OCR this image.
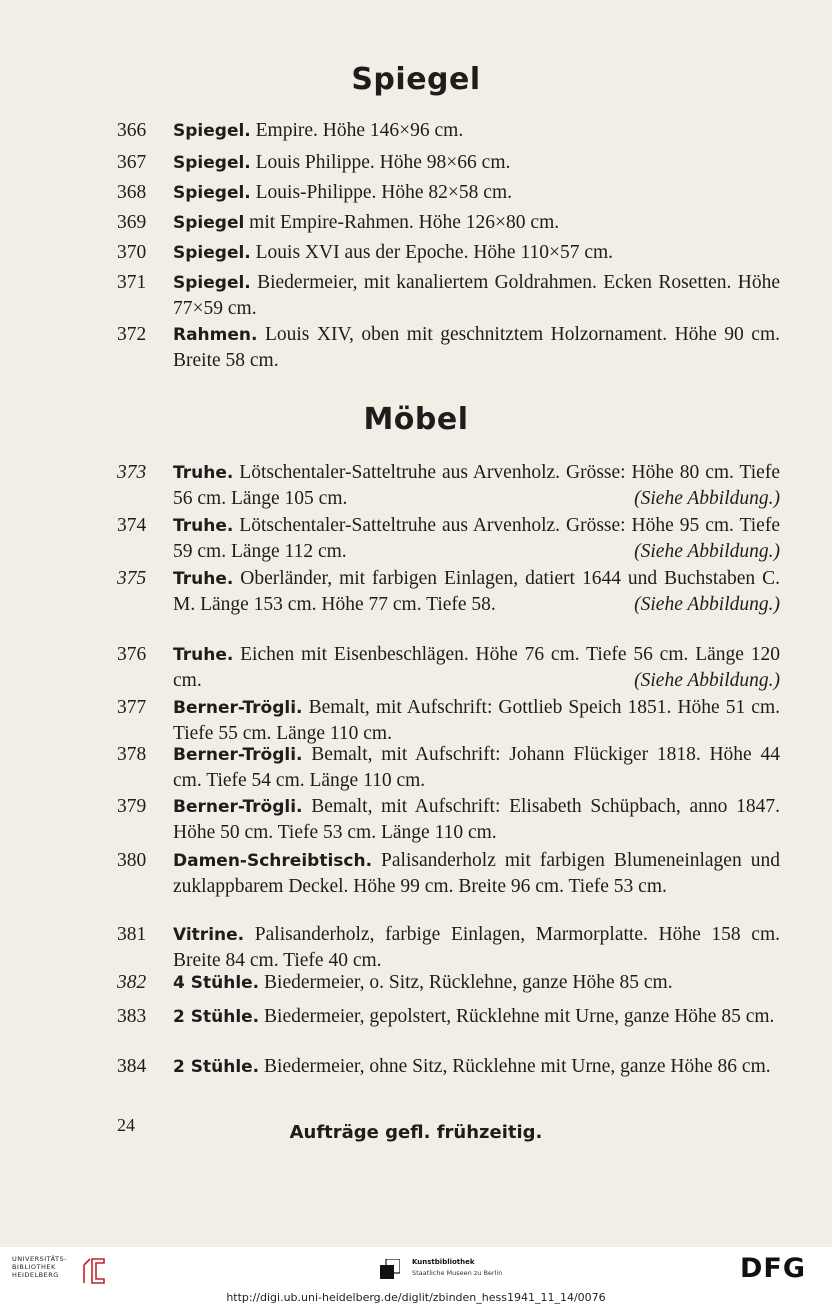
Spiegel
366 Spiegel. Empire. Höhe 146×96 cm.
367 Spiegel. Louis Philippe. Höhe 98×66 cm.
368 Spiegel. Louis-Philippe. Höhe 82×58 cm.
369 Spiegel mit Empire-Rahmen. Höhe 126×80 cm.
370 Spiegel. Louis XVI aus der Epoche. Höhe 110×57 cm.
371 Spiegel. Biedermeier, mit kanaliertem Goldrahmen. Ecken Rosetten. Höhe 77×59 cm.
372 Rahmen. Louis XIV, oben mit geschnitztem Holzornament. Höhe 90 cm. Breite 58 cm.
Möbel
373 Truhe. Lötschentaler-Satteltruhe aus Arvenholz. Grösse: Höhe 80 cm. Tiefe 56 cm. Länge 105 cm.	(Siehe Abbildung.)
374 Truhe. Lötschentaler-Satteltruhe aus Arvenholz. Grösse: Höhe 95 cm. Tiefe 59 cm. Länge 112 cm.	(Siehe Abbildung.)
375 Truhe. Oberländer, mit farbigen Einlagen, datiert 1644 und Buchstaben C. M. Länge 153 cm. Höhe 77 cm. Tiefe 58.	(Siehe Abbildung.)
376 Truhe. Eichen mit Eisenbeschlägen. Höhe 76 cm. Tiefe 56 cm. Länge 120 cm.	(Siehe Abbildung.)
377 Berner-Trögli. Bemalt, mit Aufschrift: Gottlieb Speich 1851. Höhe 51 cm. Tiefe 55 cm. Länge 110 cm.
378 Berner-Trögli. Bemalt, mit Aufschrift: Johann Flückiger 1818. Höhe 44 cm. Tiefe 54 cm. Länge 110 cm.
379 Berner-Trögli. Bemalt, mit Aufschrift: Elisabeth Schüpbach, anno 1847. Höhe 50 cm. Tiefe 53 cm. Länge 110 cm.
380 Damen-Schreibtisch. Palisanderholz mit farbigen Blumeneinlagen und zuklappbarem Deckel. Höhe 99 cm. Breite 96 cm. Tiefe 53 cm.
381 Vitrine. Palisanderholz, farbige Einlagen, Marmorplatte. Höhe 158 cm. Breite 84 cm. Tiefe 40 cm.
382 4 Stühle. Biedermeier, o. Sitz, Rücklehne, ganze Höhe 85 cm.
383 2 Stühle. Biedermeier, gepolstert, Rücklehne mit Urne, ganze Höhe 85 cm.
384 2 Stühle. Biedermeier, ohne Sitz, Rücklehne mit Urne, ganze Höhe 86 cm.
24	Aufträge gefl. frühzeitig.
UNIVERSITÄTS-
BIBLIOTHEK
HEIDELBERG
Kunstbibliothek
Staatliche Museen zu Berlin	DFG
http://digi.ub.uni-heidelberg.de/diglit/zbinden_hess1941_11_14/0076
